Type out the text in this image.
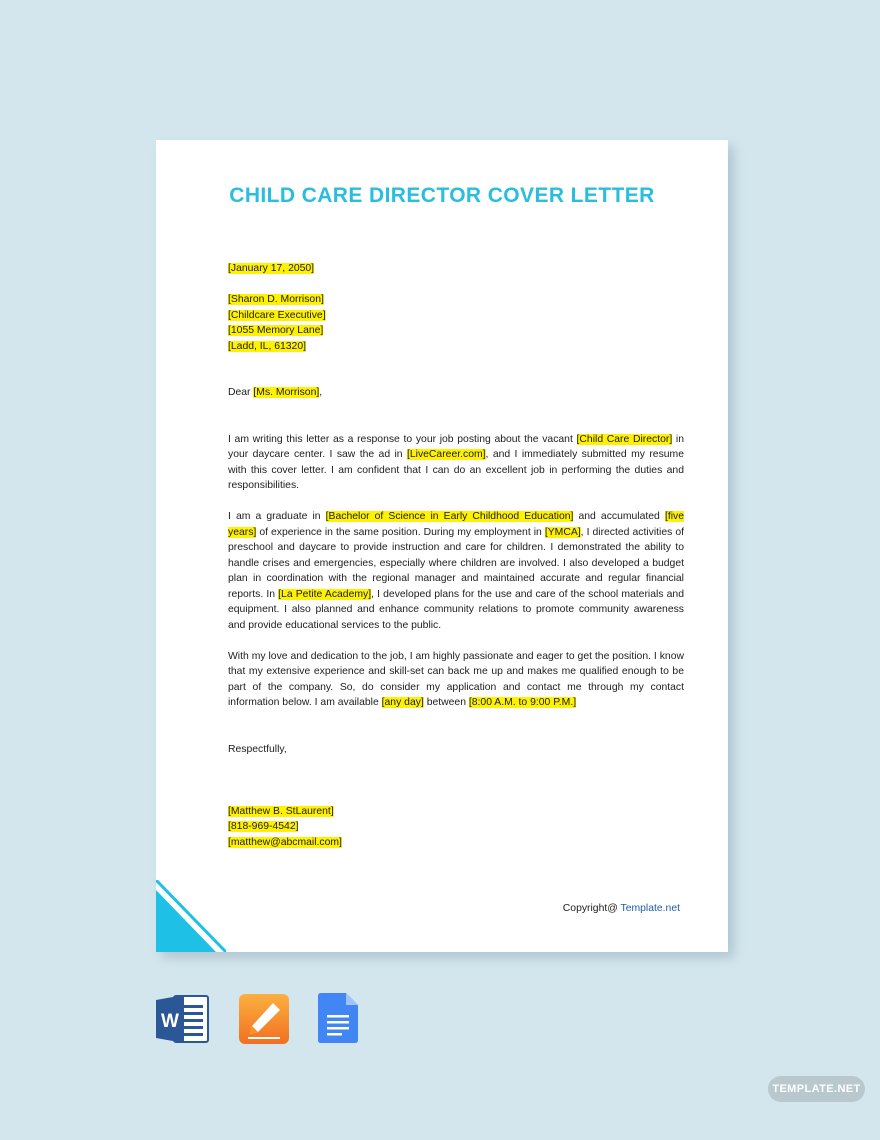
CHILD CARE DIRECTOR COVER LETTER
[January 17, 2050]
[Sharon D. Morrison]
[Childcare Executive]
[1055 Memory Lane]
[Ladd, IL, 61320]
Dear [Ms. Morrison],
I am writing this letter as a response to your job posting about the vacant [Child Care Director] in your daycare center. I saw the ad in [LiveCareer.com], and I immediately submitted my resume with this cover letter. I am confident that I can do an excellent job in performing the duties and responsibilities.
I am a graduate in [Bachelor of Science in Early Childhood Education] and accumulated [five years] of experience in the same position. During my employment in [YMCA], I directed activities of preschool and daycare to provide instruction and care for children. I demonstrated the ability to handle crises and emergencies, especially where children are involved. I also developed a budget plan in coordination with the regional manager and maintained accurate and regular financial reports. In [La Petite Academy], I developed plans for the use and care of the school materials and equipment. I also planned and enhance community relations to promote community awareness and provide educational services to the public.
With my love and dedication to the job, I am highly passionate and eager to get the position. I know that my extensive experience and skill-set can back me up and makes me qualified enough to be part of the company. So, do consider my application and contact me through my contact information below. I am available [any day] between [8:00 A.M. to 9:00 P.M.]
Respectfully,
[Matthew B. StLaurent]
[818-969-4542]
[matthew@abcmail.com]
Copyright@ Template.net
W
TEMPLATE.NET
